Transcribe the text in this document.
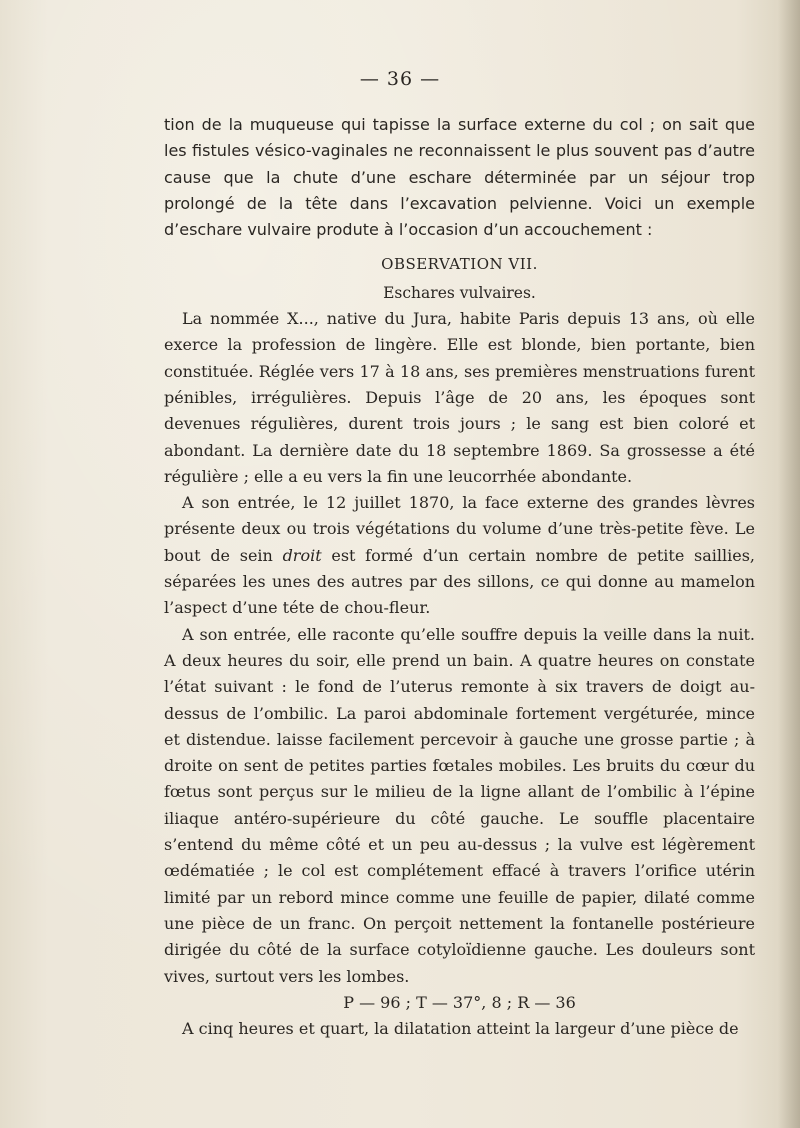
— 36 —

tion de la muqueuse qui tapisse la surface externe du col ; on sait que les fistules vésico-vaginales ne reconnaissent le plus souvent pas d’autre cause que la chute d’une eschare déterminée par un séjour trop prolongé de la tête dans l’excavation pelvienne. Voici un exemple d’eschare vulvaire produte à l’occasion d’un accouchement :

OBSERVATION VII.

Eschares vulvaires.

La nommée X..., native du Jura, habite Paris depuis 13 ans, où elle exerce la profession de lingère. Elle est blonde, bien portante, bien constituée. Réglée vers 17 à 18 ans, ses premières menstruations furent pénibles, irrégulières. Depuis l’âge de 20 ans, les époques sont devenues régulières, durent trois jours ; le sang est bien coloré et abondant. La dernière date du 18 septembre 1869. Sa grossesse a été régulière ; elle a eu vers la fin une leucorrhée abondante.

A son entrée, le 12 juillet 1870, la face externe des grandes lèvres présente deux ou trois végétations du volume d’une très-petite fève. Le bout de sein droit est formé d’un certain nombre de petite saillies, séparées les unes des autres par des sillons, ce qui donne au mamelon l’aspect d’une téte de chou-fleur.

A son entrée, elle raconte qu’elle souffre depuis la veille dans la nuit. A deux heures du soir, elle prend un bain. A quatre heures on constate l’état suivant : le fond de l’uterus remonte à six travers de doigt au-dessus de l’ombilic. La paroi abdominale fortement vergéturée, mince et distendue. laisse facilement percevoir à gauche une grosse partie ; à droite on sent de petites parties fœtales mobiles. Les bruits du cœur du fœtus sont perçus sur le milieu de la ligne allant de l’ombilic à l’épine iliaque antéro-supérieure du côté gauche. Le souffle placentaire s’entend du même côté et un peu au-dessus ; la vulve est légèrement œdématiée ; le col est complétement effacé à travers l’orifice utérin limité par un rebord mince comme une feuille de papier, dilaté comme une pièce de un franc. On perçoit nettement la fontanelle postérieure dirigée du côté de la surface cotyloïdienne gauche. Les douleurs sont vives, surtout vers les lombes.

P — 96 ; T — 37°, 8 ; R — 36

A cinq heures et quart, la dilatation atteint la largeur d’une pièce de
